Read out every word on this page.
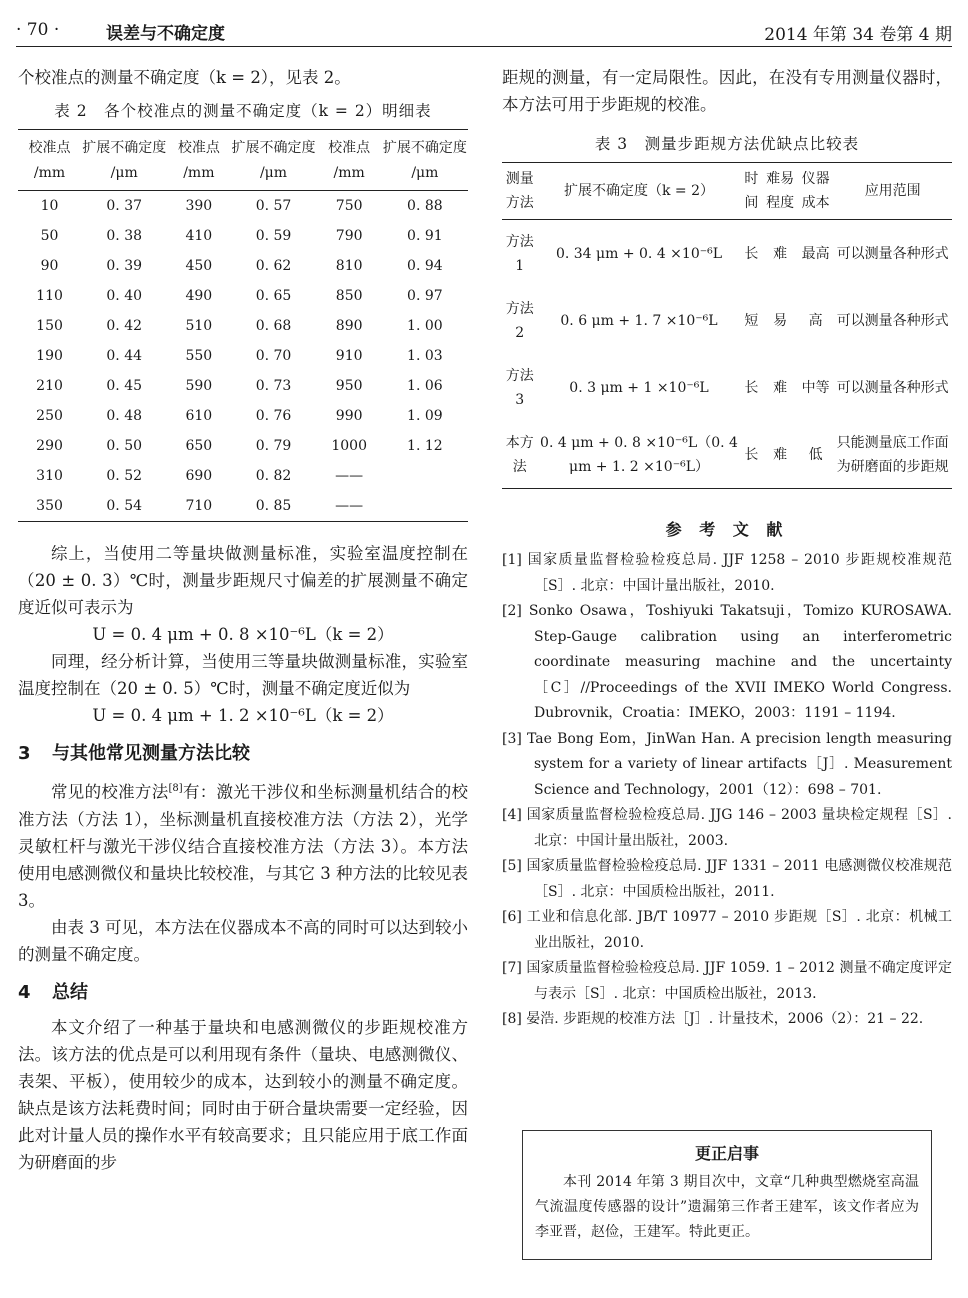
· 70 ·	误差与不确定度	2014 年第 34 卷第 4 期

个校准点的测量不确定度（k = 2），见表 2。

表 2　各个校准点的测量不确定度（k = 2）明细表
校准点 /mm	扩展不确定度 /μm	校准点 /mm	扩展不确定度 /μm	校准点 /mm	扩展不确定度 /μm
10	0. 37	390	0. 57	750	0. 88
50	0. 38	410	0. 59	790	0. 91
90	0. 39	450	0. 62	810	0. 94
110	0. 40	490	0. 65	850	0. 97
150	0. 42	510	0. 68	890	1. 00
190	0. 44	550	0. 70	910	1. 03
210	0. 45	590	0. 73	950	1. 06
250	0. 48	610	0. 76	990	1. 09
290	0. 50	650	0. 79	1000	1. 12
310	0. 52	690	0. 82	——	
350	0. 54	710	0. 85	——	

综上，当使用二等量块做测量标准，实验室温度控制在（20 ± 0. 3）℃时，测量步距规尺寸偏差的扩展测量不确定度近似可表示为

U = 0. 4 μm + 0. 8 ×10⁻⁶L（k = 2）

同理，经分析计算，当使用三等量块做测量标准，实验室温度控制在（20 ± 0. 5）℃时，测量不确定度近似为

U = 0. 4 μm + 1. 2 ×10⁻⁶L（k = 2）
3 与其他常见测量方法比较

常见的校准方法[8]有：激光干涉仪和坐标测量机结合的校准方法（方法 1），坐标测量机直接校准方法（方法 2），光学灵敏杠杆与激光干涉仪结合直接校准方法（方法 3）。本方法使用电感测微仪和量块比较校准，与其它 3 种方法的比较见表 3。

由表 3 可见，本方法在仪器成本不高的同时可以达到较小的测量不确定度。

4 总结

本文介绍了一种基于量块和电感测微仪的步距规校准方法。该方法的优点是可以利用现有条件（量块、电感测微仪、表架、平板），使用较少的成本，达到较小的测量不确定度。缺点是该方法耗费时间；同时由于研合量块需要一定经验，因此对计量人员的操作水平有较高要求；且只能应用于底工作面为研磨面的步

距规的测量，有一定局限性。因此，在没有专用测量仪器时，本方法可用于步距规的校准。

表 3　测量步距规方法优缺点比较表
测量方法	扩展不确定度（k = 2）	时间	难易程度	仪器成本	应用范围
方法 1	0. 34 μm + 0. 4 ×10⁻⁶L	长	难	最高	可以测量各种形式
方法 2	0. 6 μm + 1. 7 ×10⁻⁶L	短	易	高	可以测量各种形式
方法 3	0. 3 μm + 1 ×10⁻⁶L	长	难	中等	可以测量各种形式
本方法	0. 4 μm + 0. 8 ×10⁻⁶L（0. 4 μm + 1. 2 ×10⁻⁶L）	长	难	低	只能测量底工作面为研磨面的步距规
参 考 文 献
[1] 国家质量监督检验检疫总局. JJF 1258 – 2010 步距规校准规范［S］. 北京：中国计量出版社，2010.
[2] Sonko Osawa，Toshiyuki Takatsuji，Tomizo KUROSAWA. Step-Gauge calibration using an interferometric coordinate measuring machine and the uncertainty［C］//Proceedings of the XVII IMEKO World Congress. Dubrovnik，Croatia：IMEKO，2003：1191 – 1194.
[3] Tae Bong Eom，JinWan Han. A precision length measuring system for a variety of linear artifacts［J］. Measurement Science and Technology，2001（12）：698 – 701.
[4] 国家质量监督检验检疫总局. JJG 146 – 2003 量块检定规程［S］. 北京：中国计量出版社，2003.
[5] 国家质量监督检验检疫总局. JJF 1331 – 2011 电感测微仪校准规范［S］. 北京：中国质检出版社，2011.
[6] 工业和信息化部. JB/T 10977 – 2010 步距规［S］. 北京：机械工业出版社，2010.
[7] 国家质量监督检验检疫总局. JJF 1059. 1 – 2012 测量不确定度评定与表示［S］. 北京：中国质检出版社，2013.
[8] 晏浩. 步距规的校准方法［J］. 计量技术，2006（2）：21 – 22.
更正启事
本刊 2014 年第 3 期目次中，文章“几种典型燃烧室高温气流温度传感器的设计”遗漏第三作者王建军，该文作者应为李亚晋，赵俭，王建军。特此更正。
